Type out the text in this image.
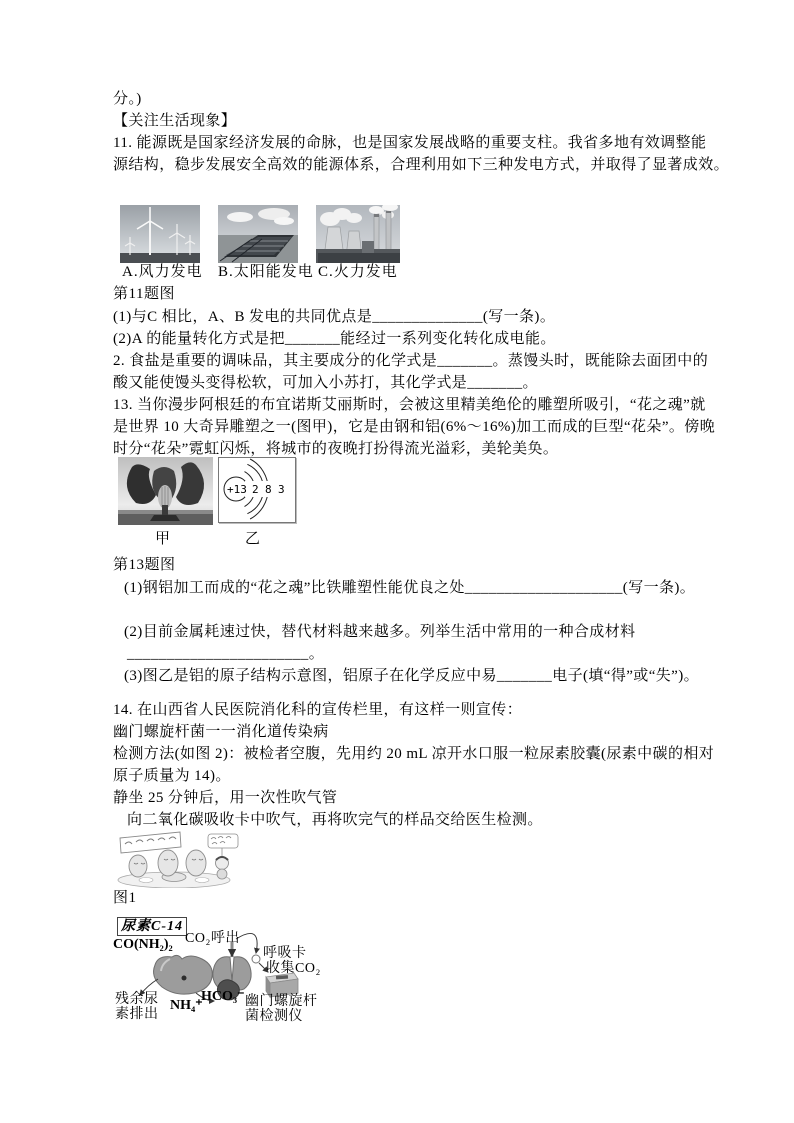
分。)
【关注生活现象】
11. 能源既是国家经济发展的命脉，也是国家发展战略的重要支柱。我省多地有效调整能
源结构，稳步发展安全高效的能源体系，合理利用如下三种发电方式，并取得了显著成效。
A.风力发电 B.太阳能发电 C.火力发电
第11题图
(1)与C 相比，A、B 发电的共同优点是______________(写一条)。
(2)A 的能量转化方式是把_______能经过一系列变化转化成电能。
2. 食盐是重要的调味品，其主要成分的化学式是_______。蒸馒头时，既能除去面团中的
酸又能使馒头变得松软，可加入小苏打，其化学式是_______。
13. 当你漫步阿根廷的布宜诺斯艾丽斯时，会被这里精美绝伦的雕塑所吸引，“花之魂”就
是世界 10 大奇异雕塑之一(图甲)，它是由钢和铝(6%～16%)加工而成的巨型“花朵”。傍晚
时分“花朵”霓虹闪烁，将城市的夜晚打扮得流光溢彩，美轮美奂。
+13 2 8 3
甲	乙
第13题图
(1)钢铝加工而成的“花之魂”比铁雕塑性能优良之处____________________(写一条)。
(2)目前金属耗速过快，替代材料越来越多。列举生活中常用的一种合成材料
_______________________。
(3)图乙是铝的原子结构示意图，铝原子在化学反应中易_______电子(填“得”或“失”)。
14. 在山西省人民医院消化科的宣传栏里，有这样一则宣传：
幽门螺旋杆菌一一消化道传染病
检测方法(如图 2)：被检者空腹，先用约 20 mL 凉开水口服一粒尿素胶囊(尿素中碳的相对
原子质量为 14)。
静坐 25 分钟后，用一次性吹气管
向二氧化碳吸收卡中吹气，再将吹完气的样品交给医生检测。
图1
尿素C-14
CO(NH₂)₂ CO₂呼出
呼吸卡
收集CO₂
残余尿素排出
NH₄⁺
HCO₃⁻ 幽门螺旋杆菌检测仪
